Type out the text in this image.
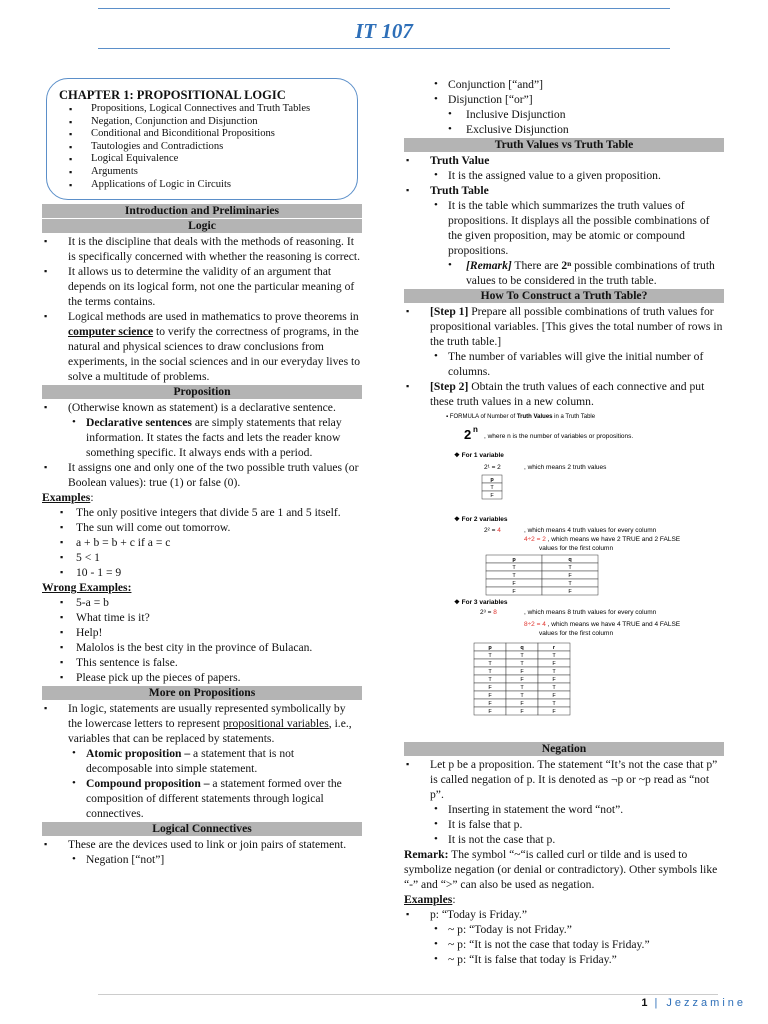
IT 107
CHAPTER 1: PROPOSITIONAL LOGIC
▪ Propositions, Logical Connectives and Truth Tables
▪ Negation, Conjunction and Disjunction
▪ Conditional and Biconditional Propositions
▪ Tautologies and Contradictions
▪ Logical Equivalence
▪ Arguments
▪ Applications of Logic in Circuits
Introduction and Preliminaries
Logic
▪ It is the discipline that deals with the methods of reasoning. It is specifically concerned with whether the reasoning is correct.
▪ It allows us to determine the validity of an argument that depends on its logical form, not one the particular meaning of the terms contains.
▪ Logical methods are used in mathematics to prove theorems in computer science to verify the correctness of programs, in the natural and physical sciences to draw conclusions from experiments, in the social sciences and in our everyday lives to solve a multitude of problems.
Proposition
▪ (Otherwise known as statement) is a declarative sentence.
• Declarative sentences are simply statements that relay information. It states the facts and lets the reader know something specific. It always ends with a period.
▪ It assigns one and only one of the two possible truth values (or Boolean values): true (1) or false (0).
Examples:
▪ The only positive integers that divide 5 are 1 and 5 itself.
▪ The sun will come out tomorrow.
▪ a + b = b + c if a = c
▪ 5 < 1
▪ 10 - 1 = 9
Wrong Examples:
▪ 5-a = b
▪ What time is it?
▪ Help!
▪ Malolos is the best city in the province of Bulacan.
▪ This sentence is false.
▪ Please pick up the pieces of papers.
More on Propositions
▪ In logic, statements are usually represented symbolically by the lowercase letters to represent propositional variables, i.e., variables that can be replaced by statements.
• Atomic proposition – a statement that is not decomposable into simple statement.
• Compound proposition – a statement formed over the composition of different statements through logical connectives.
Logical Connectives
▪ These are the devices used to link or join pairs of statement.
• Negation [“not”]
• Conjunction [“and”]
• Disjunction [“or”]
• Inclusive Disjunction
• Exclusive Disjunction
Truth Values vs Truth Table
▪ Truth Value
• It is the assigned value to a given proposition.
▪ Truth Table
• It is the table which summarizes the truth values of propositions. It displays all the possible combinations of the given proposition, may be atomic or compound propositions.
• [Remark] There are 2ⁿ possible combinations of truth values to be considered in the truth table.
How To Construct a Truth Table?
▪ [Step 1] Prepare all possible combinations of truth values for propositional variables. [This gives the total number of rows in the truth table.]
• The number of variables will give the initial number of columns.
▪ [Step 2] Obtain the truth values of each connective and put these truth values in a new column.
▪ FORMULA of Number of Truth Values in a Truth Table
2 n
, where n is the number of variables or propositions.
❖ For 1 variable
2¹ = 2	, which means 2 truth values
p
T
F
❖ For 2 variables
2² = 4	, which means 4 truth values for every column
4÷2 = 2 , which means we have 2 TRUE and 2 FALSE
values for the first column
p	q
T	T
T	F
F	T
F	F
❖ For 3 variables
2³ = 8	, which means 8 truth values for every column
8÷2 = 4 , which means we have 4 TRUE and 4 FALSE
values for the first column
p	q	r
T	T	T
T	T	F
T	F	T
T	F	F
F	T	T
F	T	F
F	F	T
F	F	F
Negation
▪ Let p be a proposition. The statement “It’s not the case that p” is called negation of p. It is denoted as ¬p or ~p read as “not p”.
• Inserting in statement the word “not”.
• It is false that p.
• It is not the case that p.
Remark: The symbol “~“is called curl or tilde and is used to symbolize negation (or denial or contradictory). Other symbols like “-” and “>” can also be used as negation.
Examples:
▪ p: “Today is Friday.”
• ~ p: “Today is not Friday.”
• ~ p: “It is not the case that today is Friday.”
• ~ p: “It is false that today is Friday.”
1 | Jezzamine
